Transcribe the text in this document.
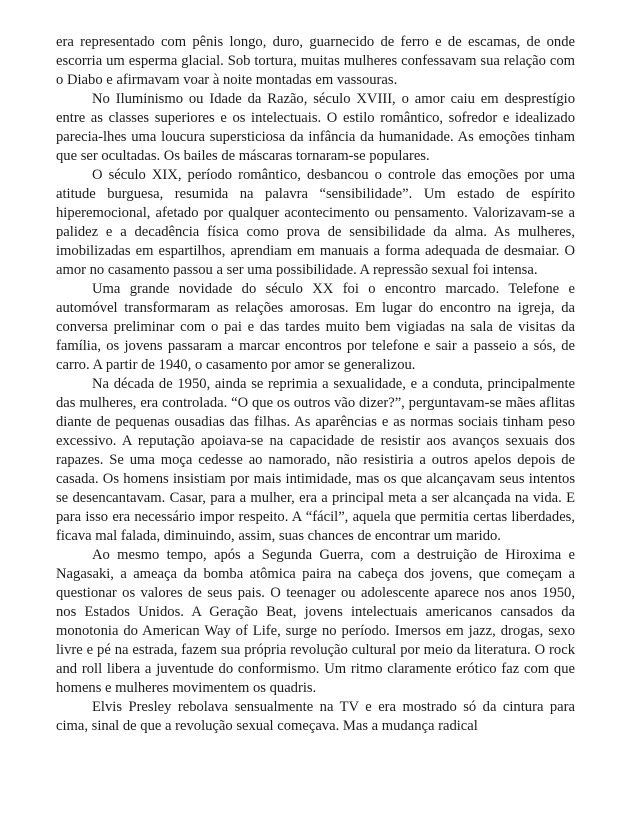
era representado com pênis longo, duro, guarnecido de ferro e de escamas, de onde escorria um esperma glacial. Sob tortura, muitas mulheres confessavam sua relação com o Diabo e afirmavam voar à noite montadas em vassouras.

No Iluminismo ou Idade da Razão, século XVIII, o amor caiu em desprestígio entre as classes superiores e os intelectuais. O estilo romântico, sofredor e idealizado parecia-lhes uma loucura supersticiosa da infância da humanidade. As emoções tinham que ser ocultadas. Os bailes de máscaras tornaram-se populares.

O século XIX, período romântico, desbancou o controle das emoções por uma atitude burguesa, resumida na palavra “sensibilidade”. Um estado de espírito hiperemocional, afetado por qualquer acontecimento ou pensamento. Valorizavam-se a palidez e a decadência física como prova de sensibilidade da alma. As mulheres, imobilizadas em espartilhos, aprendiam em manuais a forma adequada de desmaiar. O amor no casamento passou a ser uma possibilidade. A repressão sexual foi intensa.

Uma grande novidade do século XX foi o encontro marcado. Telefone e automóvel transformaram as relações amorosas. Em lugar do encontro na igreja, da conversa preliminar com o pai e das tardes muito bem vigiadas na sala de visitas da família, os jovens passaram a marcar encontros por telefone e sair a passeio a sós, de carro. A partir de 1940, o casamento por amor se generalizou.

Na década de 1950, ainda se reprimia a sexualidade, e a conduta, principalmente das mulheres, era controlada. “O que os outros vão dizer?”, perguntavam-se mães aflitas diante de pequenas ousadias das filhas. As aparências e as normas sociais tinham peso excessivo. A reputação apoiava-se na capacidade de resistir aos avanços sexuais dos rapazes. Se uma moça cedesse ao namorado, não resistiria a outros apelos depois de casada. Os homens insistiam por mais intimidade, mas os que alcançavam seus intentos se desencantavam. Casar, para a mulher, era a principal meta a ser alcançada na vida. E para isso era necessário impor respeito. A “fácil”, aquela que permitia certas liberdades, ficava mal falada, diminuindo, assim, suas chances de encontrar um marido.

Ao mesmo tempo, após a Segunda Guerra, com a destruição de Hiroxima e Nagasaki, a ameaça da bomba atômica paira na cabeça dos jovens, que começam a questionar os valores de seus pais. O teenager ou adolescente aparece nos anos 1950, nos Estados Unidos. A Geração Beat, jovens intelectuais americanos cansados da monotonia do American Way of Life, surge no período. Imersos em jazz, drogas, sexo livre e pé na estrada, fazem sua própria revolução cultural por meio da literatura. O rock and roll libera a juventude do conformismo. Um ritmo claramente erótico faz com que homens e mulheres movimentem os quadris.

Elvis Presley rebolava sensualmente na TV e era mostrado só da cintura para cima, sinal de que a revolução sexual começava. Mas a mudança radical
